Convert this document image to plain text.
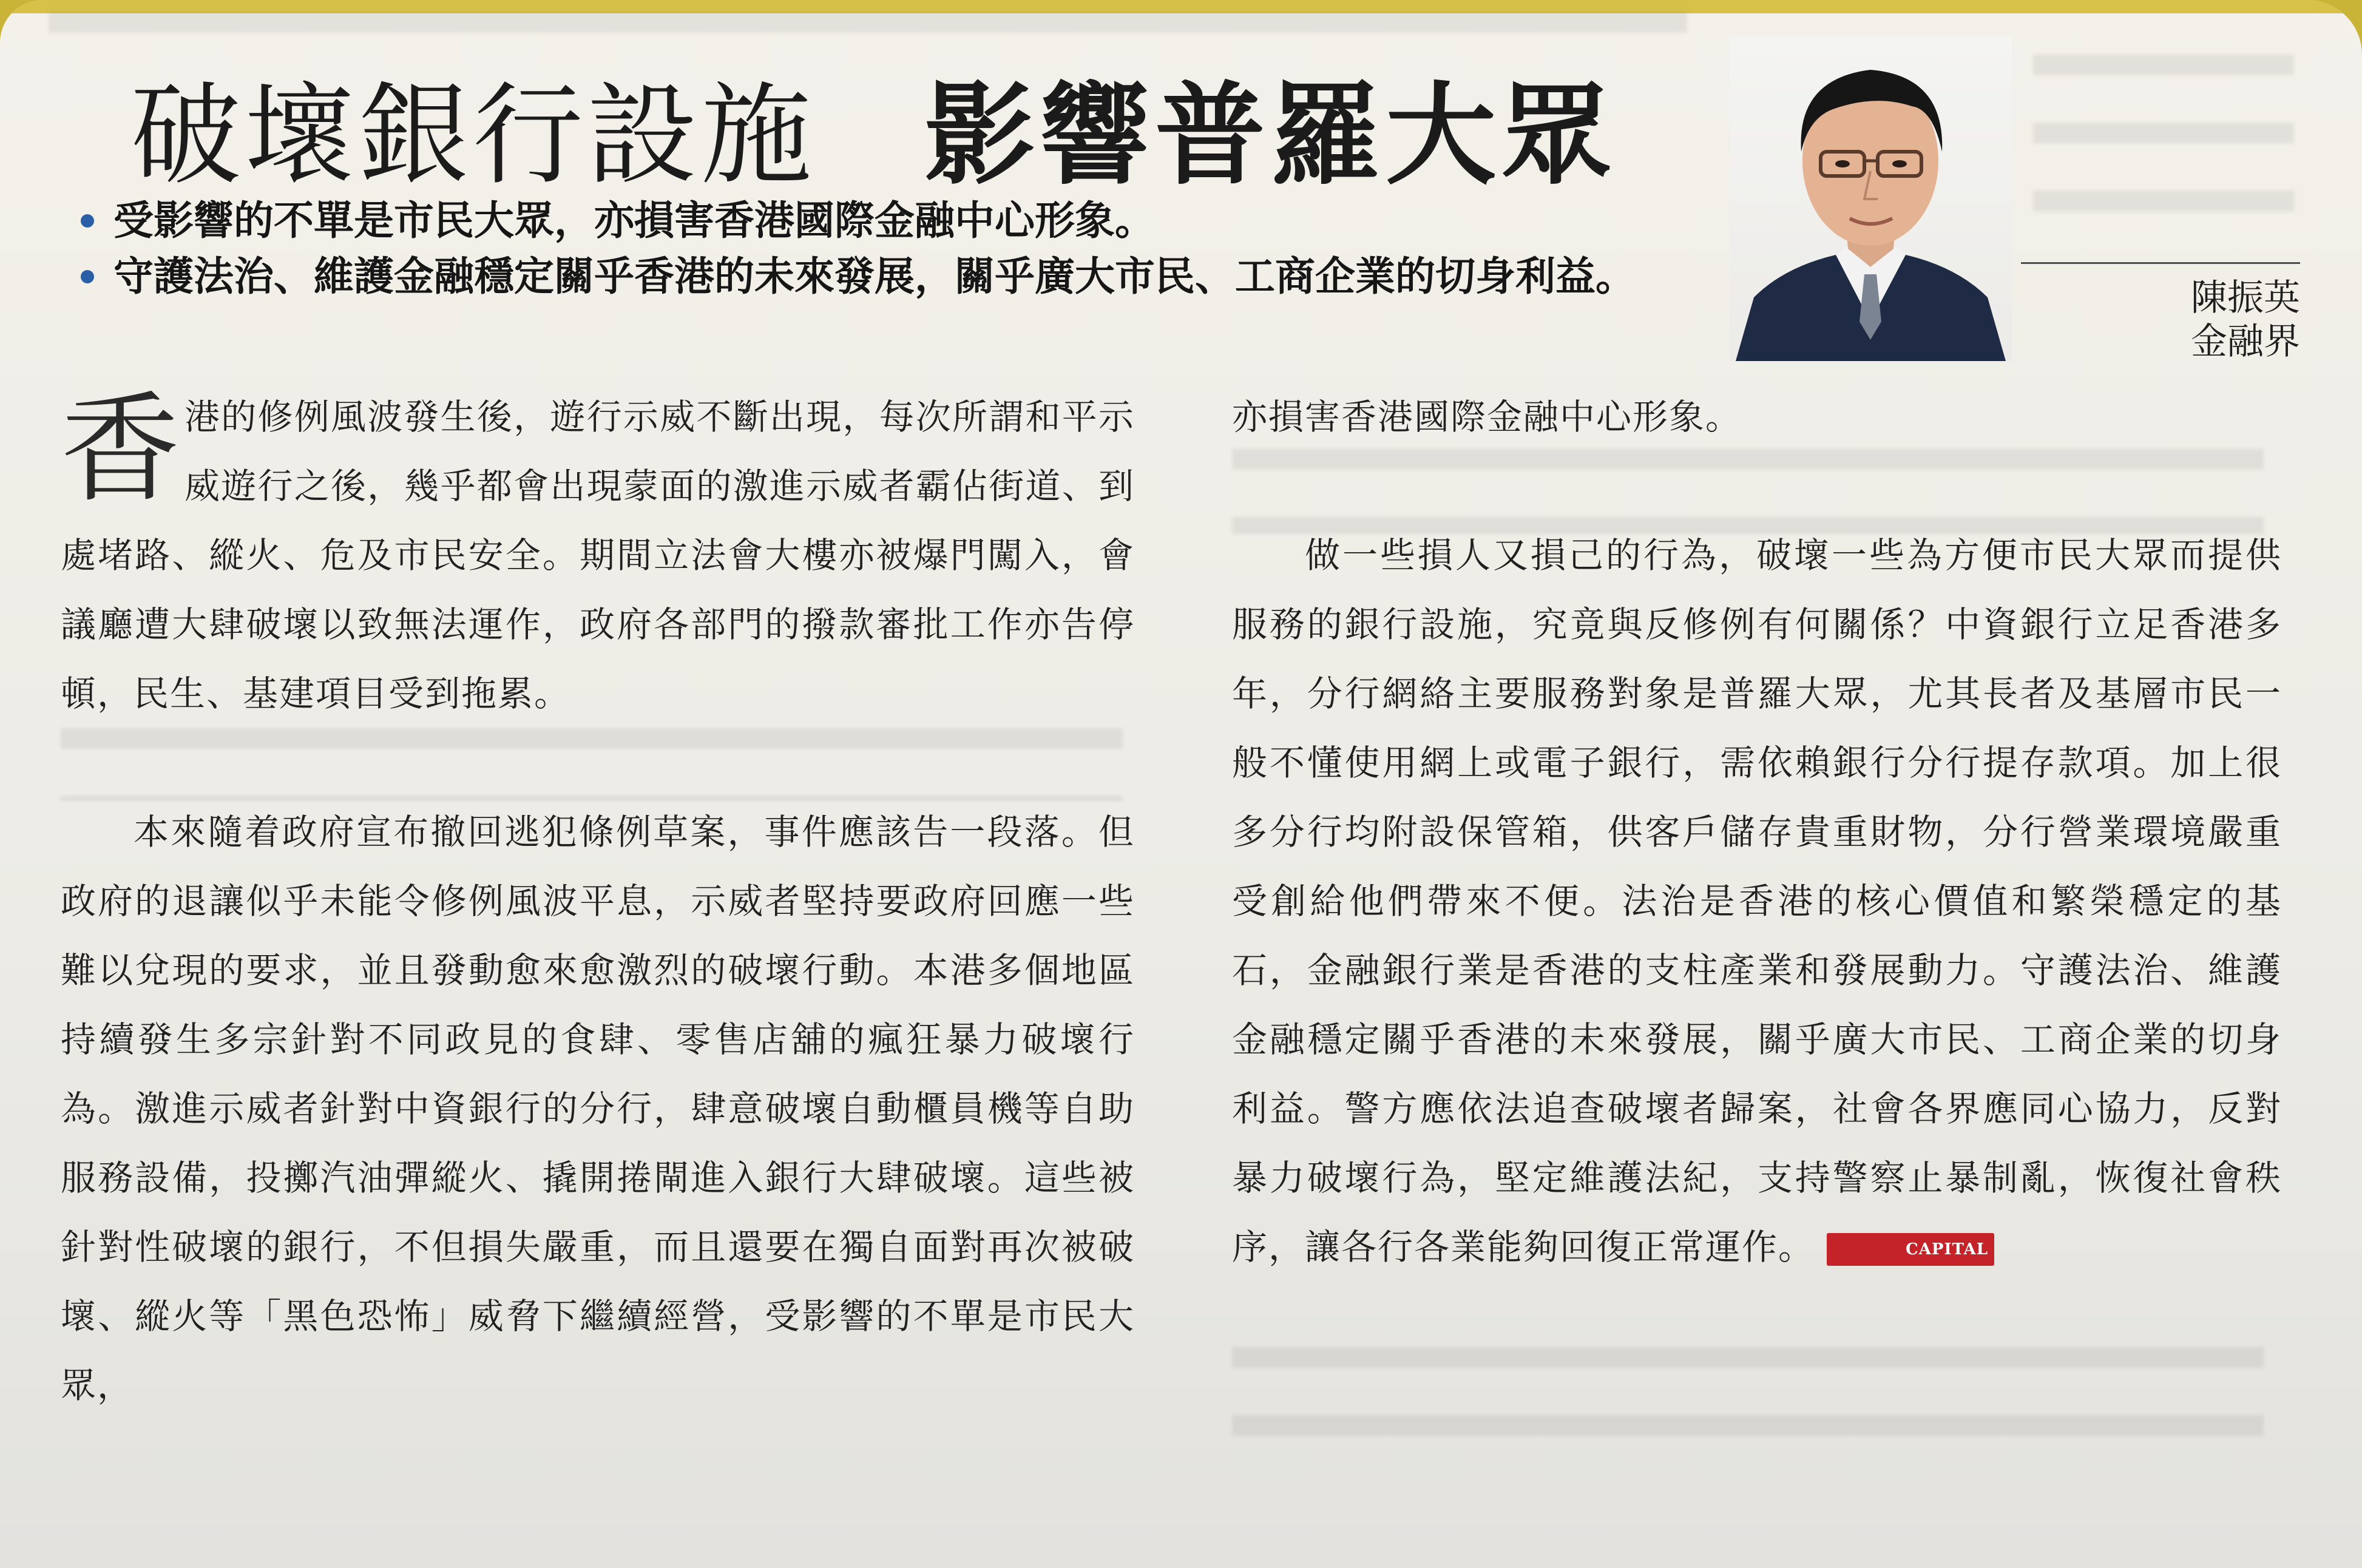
破壞銀行設施 影響普羅大眾
受影響的不單是市民大眾，亦損害香港國際金融中心形象。
守護法治、維護金融穩定關乎香港的未來發展，關乎廣大市民、工商企業的切身利益。	陳振英
金融界

香港的修例風波發生後，遊行示威不斷出現，每次所謂和平示威遊行之後，幾乎都會出現蒙面的激進示威者霸佔街道、到處堵路、縱火、危及市民安全。期間立法會大樓亦被爆門闖入，會議廳遭大肆破壞以致無法運作，政府各部門的撥款審批工作亦告停頓，民生、基建項目受到拖累。

本來隨着政府宣布撤回逃犯條例草案，事件應該告一段落。但政府的退讓似乎未能令修例風波平息，示威者堅持要政府回應一些難以兌現的要求，並且發動愈來愈激烈的破壞行動。本港多個地區持續發生多宗針對不同政見的食肆、零售店舖的瘋狂暴力破壞行為。激進示威者針對中資銀行的分行，肆意破壞自動櫃員機等自助服務設備，投擲汽油彈縱火、撬開捲閘進入銀行大肆破壞。這些被針對性破壞的銀行，不但損失嚴重，而且還要在獨自面對再次被破壞、縱火等「黑色恐怖」威脅下繼續經營，受影響的不單是市民大眾，

亦損害香港國際金融中心形象。

做一些損人又損己的行為，破壞一些為方便市民大眾而提供服務的銀行設施，究竟與反修例有何關係？中資銀行立足香港多年，分行網絡主要服務對象是普羅大眾，尤其長者及基層市民一般不懂使用網上或電子銀行，需依賴銀行分行提存款項。加上很多分行均附設保管箱，供客戶儲存貴重財物，分行營業環境嚴重受創給他們帶來不便。法治是香港的核心價值和繁榮穩定的基石，金融銀行業是香港的支柱產業和發展動力。守護法治、維護金融穩定關乎香港的未來發展，關乎廣大市民、工商企業的切身利益。警方應依法追查破壞者歸案，社會各界應同心協力，反對暴力破壞行為，堅定維護法紀，支持警察止暴制亂，恢復社會秩序，讓各行各業能夠回復正常運作。	CAPITAL
